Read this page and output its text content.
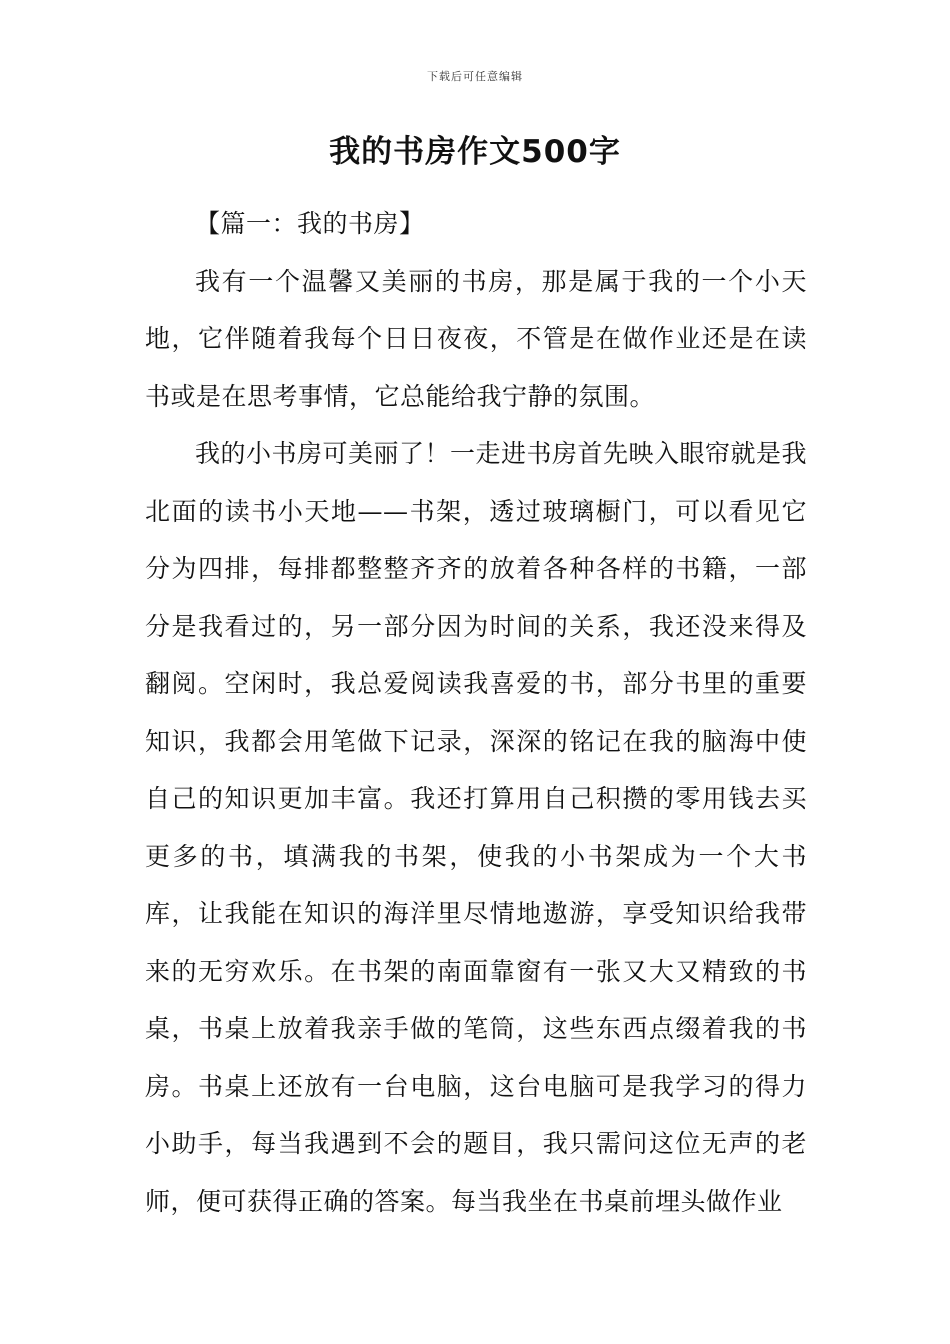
下载后可任意编辑
我的书房作文500字

【篇一：我的书房】

我有一个温馨又美丽的书房，那是属于我的一个小天地，它伴随着我每个日日夜夜，不管是在做作业还是在读书或是在思考事情，它总能给我宁静的氛围。

我的小书房可美丽了！一走进书房首先映入眼帘就是我北面的读书小天地——书架，透过玻璃橱门，可以看见它分为四排，每排都整整齐齐的放着各种各样的书籍，一部分是我看过的，另一部分因为时间的关系，我还没来得及翻阅。空闲时，我总爱阅读我喜爱的书，部分书里的重要知识，我都会用笔做下记录，深深的铭记在我的脑海中使自己的知识更加丰富。我还打算用自己积攒的零用钱去买更多的书，填满我的书架，使我的小书架成为一个大书库，让我能在知识的海洋里尽情地遨游，享受知识给我带来的无穷欢乐。在书架的南面靠窗有一张又大又精致的书桌，书桌上放着我亲手做的笔筒，这些东西点缀着我的书房。书桌上还放有一台电脑，这台电脑可是我学习的得力小助手，每当我遇到不会的题目，我只需问这位无声的老师，便可获得正确的答案。每当我坐在书桌前埋头做作业
